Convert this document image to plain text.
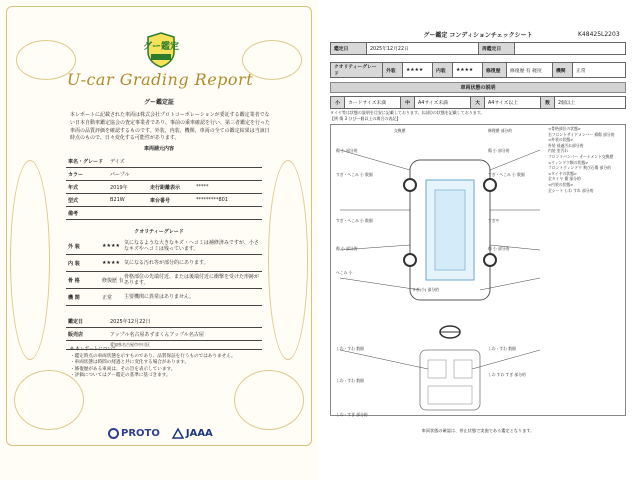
グー鑑定
U-car Grading Report
グー鑑定証
本レポートに記載された車両は株式会社プロトコーポレーションが委託する鑑定業者でない日本自動車鑑定協会の査定事業者であり、事前の乗車確認を行い、第三者鑑定を行った車両の品質評価を確認するものです。外装、内装、機関、車両の全ての鑑定結果は当該日時点のもので、日々変化する可能性があります。
車両請元内容
車名・グレード	デイズ
カラー	パープル
年式	2019年	走行距離表示	*****
型式	B21W	車台番号	*********801
備考
クオリティーグレード
外 装	★★★★
気になるような大きなキズ・ヘコミは補修済みですが、小さなキズやヘコミは残っています。
内 装	★★★★ 気になる汚れ等が部分的にあります。
骨 格	修復歴 有
骨格部位の先端付近、または後端付近に衝撃を受けた形跡があります。
機 関	正常	主要機関に異常はありません。
鑑定日	2025年12月22日
販売店	アップル名古屋あずまくんアップル名古屋
愛知県名古屋市中川区
※ 本レポートについて
・鑑定時点の車両状態を示すものであり、品質保証を行うものではありません。
・車両状態は時間の経過と共に変化する場合があります。
・修復歴がある車両は、その旨を表示しています。
・評価についてはグー鑑定の基準に基づきます。
PROTO	JAAA
グー鑑定 コンディションチェックシート	K48425L2203
鑑定日	2025年12月22日	再鑑定日	
クオリティーグレード	外装	★★★★	内装	★★★★	修復歴	修復歴 有 軽度	機関	正常
車両状態の説明
小	カードサイズ未満	中	A4サイズ未満	大	A4サイズ以上	数	2個以上
タイヤ等は状態の説明を目安に記載しております。(以前)の状態を記載しております。
【例 傷 3 ひび―個以上の場合の表記】
交換歴	修理歴 部分的
傷 小 部分的	傷 小 部分的
すぎ・へこみ 小 数個	すぎ・へこみ 小 数個
すぎ・へこみ 小 数個	すぎや
傷 小 部分的	傷 小 部分的
へこみ 小
すぎ(小) 部分的
しわ・すわ 数個	しわ・すわ 数個
しわ すわ すぎ 部分的
しわ・すわ 数個
しわ・すぎ 部分的
<骨格部位の状態>
右フロントサイドメンバー 損傷 部分的
<外装の状態>
外装 経過汚れ部分的
内装 室汚れ
フロントバンパー オーナメント交換歴
<ウィンドウ類の状態>
フロントウィンドウ 飛び石傷 部分的
<タイヤの状態>
全タイヤ 傷 部分的
<内装の状態>
全シート しわ すれ 部分的
車両状態の確認は、停止状態で実施である鑑定となります。
